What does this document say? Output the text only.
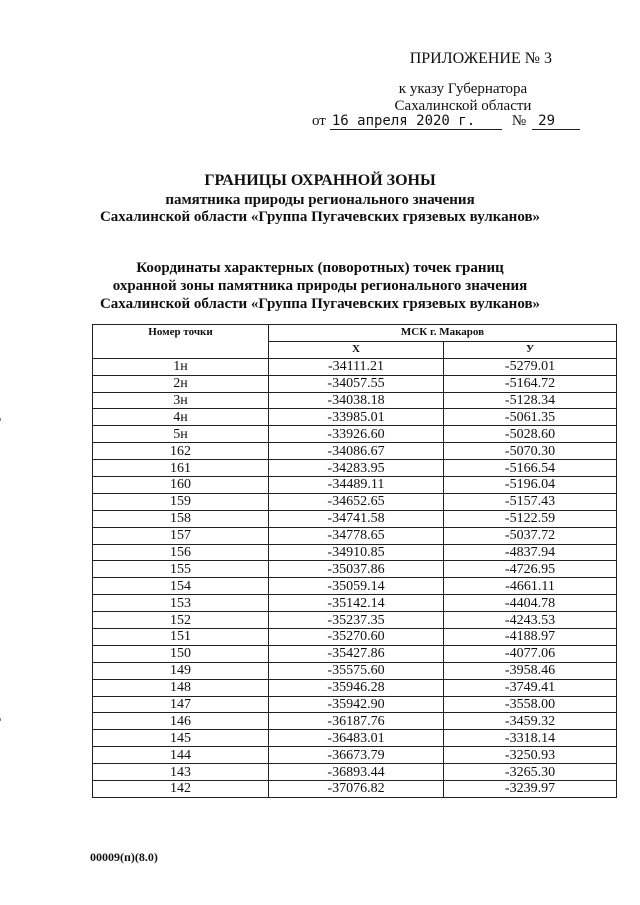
ПРИЛОЖЕНИЕ № 3
к указу Губернатора
Сахалинской области
от 16 апреля 2020 г.	№ 29
ГРАНИЦЫ ОХРАННОЙ ЗОНЫ
памятника природы регионального значения
Сахалинской области «Группа Пугачевских грязевых вулканов»
Координаты характерных (поворотных) точек границ
охранной зоны памятника природы регионального значения
Сахалинской области «Группа Пугачевских грязевых вулканов»
Номер точки	МСК г. Макаров	
	X	У
1н	-34111.21	-5279.01
2н	-34057.55	-5164.72
3н	-34038.18	-5128.34
4н	-33985.01	-5061.35
5н	-33926.60	-5028.60
162	-34086.67	-5070.30
161	-34283.95	-5166.54
160	-34489.11	-5196.04
159	-34652.65	-5157.43
158	-34741.58	-5122.59
157	-34778.65	-5037.72
156	-34910.85	-4837.94
155	-35037.86	-4726.95
154	-35059.14	-4661.11
153	-35142.14	-4404.78
152	-35237.35	-4243.53
151	-35270.60	-4188.97
150	-35427.86	-4077.06
149	-35575.60	-3958.46
148	-35946.28	-3749.41
147	-35942.90	-3558.00
146	-36187.76	-3459.32
145	-36483.01	-3318.14
144	-36673.79	-3250.93
143	-36893.44	-3265.30
142	-37076.82	-3239.97
00009(п)(8.0)
